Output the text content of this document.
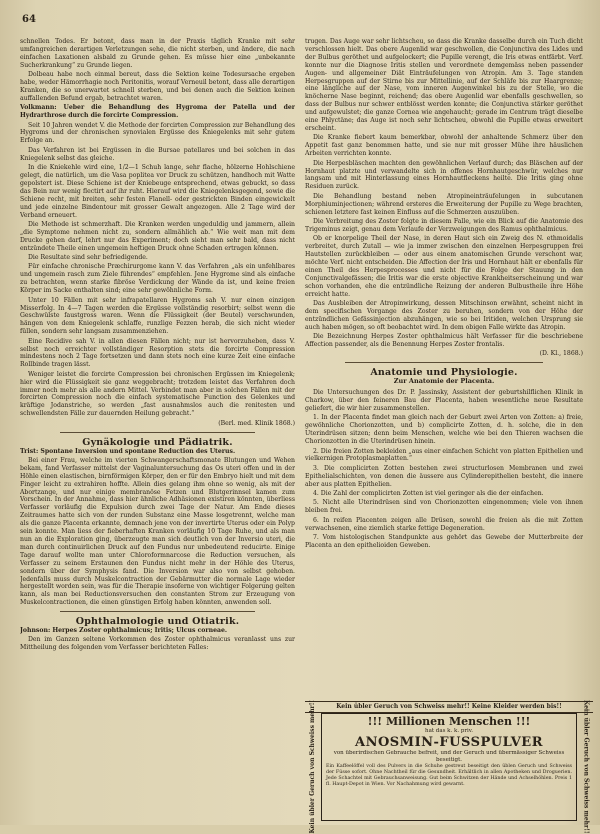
64

schnellen Todes. Er betont, dass man in der Praxis täglich Kranke mit sehr umfangreichen derartigen Verletzungen sehe, die nicht sterben, und ändere, die nach einfachen Laxationen alsbald zu Grunde gehen. Es müsse hier eine „unbekannte Sucherkrankung“ zu Grunde liegen.

Dolbeau habe noch einmal bereut, dass die Sektion keine Todesursache ergeben habe, weder Hämorrhagie noch Peritonitis, worauf Verneuil betont, dass alle derartigen Kranken, die so unerwartet schnell sterben, und bei denen auch die Sektion keinen auffallenden Befund ergab, betrachtet waren.

Volkmann: Ueber die Behandlung des Hygroma der Patella und der Hydrarthrose durch die forcirte Compression.

Seit 10 Jahren wendet V. die Methode der forcirten Compression zur Behandlung des Hygroms und der chronischen synovialen Ergüsse des Kniegelenks mit sehr gutem Erfolge an.

Das Verfahren ist bei Ergüssen in die Bursae patellares und bei solchen in das Kniegelenk selbst das gleiche.

In die Kniekehle wird eine, 1/2—1 Schuh lange, sehr flache, hölzerne Hohlschiene gelegt, die natürlich, um die Vasa poplitea vor Druck zu schützen, handhoch mit Watte gepolstert ist. Diese Schiene ist der Kniebeuge entsprechend, etwas gebuckt, so dass das Bein nur wenig flectirt auf ihr ruht. Hierauf wird die Kniegelenksgegend, sowie die Schiene recht, mit breiten, sehr festen Flanell- oder gestrickten Binden eingewickelt und jede einzelne Bindentour mit grosser Gewalt angezogen. Alle 2 Tage wird der Verband erneuert.

Die Methode ist schmerzhaft. Die Kranken werden ungeduldig und jammern, allein „die Symptome nehmen nicht zu, sondern allmählich ab.“ Wie weit man mit dem Drucke gehen darf, lehrt nur das Experiment; doch sieht man sehr bald, dass nicht entzündete Theile einen ungemein heftigen Druck ohne Schaden ertragen können.

Die Resultate sind sehr befriedigende.

Für einfache chronische Præchirurgome kann V. das Verfahren „als ein unfehlbares und ungemein rasch zum Ziele führendes“ empfehlen. Jene Hygrome sind als einfache zu betrachten, wenn starke fibröse Verdickung der Wände da ist, und keine freien Körper im Sacke enthalten sind; eine sehr gewöhnliche Form.

Unter 10 Fällen mit sehr infrapatellaren Hygroms sah V. nur einen einzigen Misserfolg. In 4—7 Tagen werden die Ergüsse vollständig resorbirt; selbst wenn die Geschwülste faustgross waren. Wenn die Flüssigkeit (der Beutel) verschwunden, hängen von dem Kniegelenk schlaffe, runzlige Fezzen herab, die sich nicht wieder füllen, sondern sehr langsam zusammenziehen.

Eine Recidive sah V. in allen diesen Fällen nicht; nur ist hervorzuheben, dass V. selbst noch erreichter vollständiger Resorption stets die forcirte Compression mindestens noch 2 Tage fortsetzen und dann stets noch eine kurze Zeit eine einfache Rollbinde tragen lässt.

Weniger leistet die forcirte Compression bei chronischen Ergüssen im Kniegelenk; hier wird die Flüssigkeit sie ganz weggebracht; trotzdem leistet das Verfahren doch immer noch mehr als alle andern Mittel. Verbindet man aber in solchen Fällen mit der forcirten Compression noch die einfach systematische Function des Gelenkes und kräftige Jodanstriche, so werden „fast ausnahmslos auch die renitesten und schwellendsten Fälle zur dauernden Heilung gebracht.“

(Berl. med. Klinik 1868.)
Gynäkologie und Pädiatrik.

Trist: Spontane Inversion und spontane Reduction des Uterus.

Bei einer Frau, welche im vierten Schwangerschaftsmonate Blutungen und Wehen bekam, fand Verfasser mittelst der Vaginaluntersuchung das Os uteri offen und in der Höhle einen elastischen, birnförmigen Körper, den er für den Embryo hielt und mit dem Finger leicht zu extrahiren hoffte. Allein dies gelang ihm ohne so wenig, als mit der Abortzange, und nur einige membranöse Fetzen und Blutgerinnsel kamen zum Vorschein. In der Annahme, dass hier ähnliche Adhäsionen existiren könnten, überliess Verfasser vorläufig die Expulsion durch zwei Tage der Natur. Am Ende dieses Zeitraumes hatte sich von der runden Substanz eine Masse losgetrennt, welche man als die ganze Placenta erkannte, demnach jene von der invertirte Uterus oder ein Polyp sein konnte. Man liess der fieberhaften Kranken vorläufig 10 Tage Ruhe, und als man nun an die Exploration ging, überzeugte man sich deutlich von der Inversio uteri, die man durch continuirlichen Druck auf den Fundus nur unbedeutend reducirte. Einige Tage darauf wollte man unter Chloroformnarcose die Reduction versuchen, als Verfasser zu seinem Erstaunen den Fundus nicht mehr in der Höhle des Uterus, sondern über der Symphysis fand. Die Inversion war also von selbst gehoben. Jedenfalls muss durch Muskelcontraction der Gebärmutter die normale Lage wieder hergestellt worden sein, was für die Therapie insoferne von wichtiger Folgerung gelten kann, als man bei Reductionsversuchen den constanten Strom zur Erzeugung von Muskelcontractionen, die einen günstigen Erfolg haben könnten, anwenden soll.

Ophthalmologie und Otiatrik.

Johnson: Herpes Zoster ophthalmicus; Iritis; Ulcus corneae.

Den im Ganzen seltene Vorkommen des Zoster ophthalmicus veranlasst uns zur Mittheilung des folgenden vom Verfasser berichteten Falles:

trugen. Das Auge war sehr lichtscheu, so dass die Kranke dasselbe durch ein Tuch dicht verschlossen hielt. Das obere Augenlid war geschwollen, die Conjunctiva des Lides und der Bulbus geröthet und aufgelockert; die Pupille verengt, die Iris etwas entfärbt. Verf. konnte nur die Diagnose Iritis stellen und verordnete demgemäss neben passender Augen- und allgemeiner Diät Einträufelungen von Atropin. Am 3. Tage standen Herpesgruppen auf der Stirne bis zur Mittellinie, auf der Schläfe bis zur Haargrenze; eine längliche auf der Nase, vom inneren Augenwinkel bis zu der Stelle, wo die knöcherne Nase beginnt, reichend; das obere Augenlid war ebenfalls geschwellen, so dass der Bulbus nur schwer entblösst werden konnte; die Conjunctiva stärker geröthet und aufgewulstet; die ganze Cornea wie angehaucht; gerade im Centrum trägt dieselbe eine Phlyctäne; das Auge ist noch sehr lichtscheu, obwohl die Pupille etwas erweitert erscheint.

Die Kranke fiebert kaum bemerkbar, obwohl der anhaltende Schmerz über den Appetit fast ganz benommen hatte, und sie nur mit grosser Mühe ihre häuslichen Arbeiten verrichten konnte.

Die Herpesbläschen machten den gewöhnlichen Verlauf durch; das Bläschen auf der Hornhaut platzte und verwandelte sich in offenes Hornhautgeschwür, welches nur langsam und mit Hinterlassung eines Hornhautfleckens heilte. Die Iritis ging ohne Residuen zurück.

Die Behandlung bestand neben Atropineinträufelungen in subcutanen Morphiuminjectionen; während ersteres die Erweiterung der Pupille zu Wege brachten, schienen letztere fast keinen Einfluss auf die Schmerzen auszuüben.

Die Verbreitung des Zoster folgte in diesem Falle, wie ein Blick auf die Anatomie des Trigeminus zeigt, genau dem Verlaufe der Verzweigungen des Ramus ophthalmicus.

Ob er knorpelige Theil der Nase, in deren Haut sich ein Zweig des N. ethmoidalis verbreitet, durch Zutall — wie ja immer zwischen den einzelnen Herpesgruppen frei Hautstellen zurückbleiben — oder aus einem anatomischen Grunde verschont war, möchte Verf. nicht entscheiden. Die Affection der Iris und Hornhaut hält er ebenfalls für einen Theil des Herpesprocesses und nicht für die Folge der Stauung in den Conjunctivalgefässen; die Iritis war die erste objective Krankheitserscheinung und war schon vorhanden, ehe die entzündliche Reizung der anderen Bulbustheile ihre Höhe erreicht hatte.

Das Ausbleiben der Atropinwirkung, dessen Mitschinson erwähnt, scheint nicht in dem specifischen Vorgange des Zoster zu beruhen, sondern von der Höhe der entzündlichen Gefässinjection abzuhängen, wie so bei Iritiden, welchen Ursprung sie auch haben mögen, so oft beobachtet wird. In dem obigen Falle wirkte das Atropin.

Die Bezeichnung Herpes Zoster ophthalmicus hält Verfasser für die beschriebene Affection passender, als die Benennung Herpes Zoster frontalis.

(D. Kl., 1868.)
Anatomie und Physiologie.
Zur Anatomie der Placenta.

Die Untersuchungen des Dr. P. Jassinsky, Assistent der geburtshilflichen Klinik in Charkow, über den feineren Bau der Placenta, haben wesentliche neue Resultate geliefert, die wir hier zusammenstellen.

1. In der Placenta findet man gleich nach der Geburt zwei Arten von Zotten: a) freie, gewöhnliche Chorionzotten, und b) complicirte Zotten, d. h. solche, die in den Uterindrüsen sitzen; denn beim Menschen, welche wie bei den Thieren wachsen die Chorionzotten in die Uterindrüsen hinein.

2. Die freien Zotten bekleiden „aus einer einfachen Schicht von platten Epithelien und vielkernigen Protoplasmaplatten.“

3. Die complicirten Zotten bestehen zwei structurlosen Membranen und zwei Epithelialschichten, von denen die äussere aus Cylinderepithelien besteht, die innere aber aus platten Epithelien.

4. Die Zahl der complicirten Zotten ist viel geringer als die der einfachen.

5. Nicht alle Uterindrüsen sind von Chorionzotten eingenommen; viele von ihnen bleiben frei.

6. In reifen Placenten zeigen alle Drüsen, sowohl die freien als die mit Zotten verwachsenen, eine ziemlich starke fettige Degeneration.

7. Vom histologischen Standpunkte aus gehört das Gewebe der Mutterbreite der Placenta an den epithelioiden Geweben.

Kein übler Geruch von Schweiss mehr!! Keine Kleider werden bis!!
Kein übler Geruch von Schweiss mehr!!	Kein übler Geruch von Schweiss mehr!!
!!! Millionen Menschen !!!
hat das k. k. priv.
ANOSMIN-FUSSPULVER
von überirdischen Gebrauche befreit, und der Geruch und übermässiger Schweiss beseitigt.
Ein Kaffeelöffel voll des Pulvers in die Schuhe gestreut beseitigt den üblen Geruch und Schweiss der Füsse sofort. Ohne Nachtheil für die Gesundheit. Erhältlich in allen Apotheken und Droguerien. Jede Schachtel mit Gebrauchsanweisung. Gut beim Schwitzen der Hände und Achselhöhlen. Preis 1 fl. Haupt-Depot in Wien. Vor Nachahmung wird gewarnt.
